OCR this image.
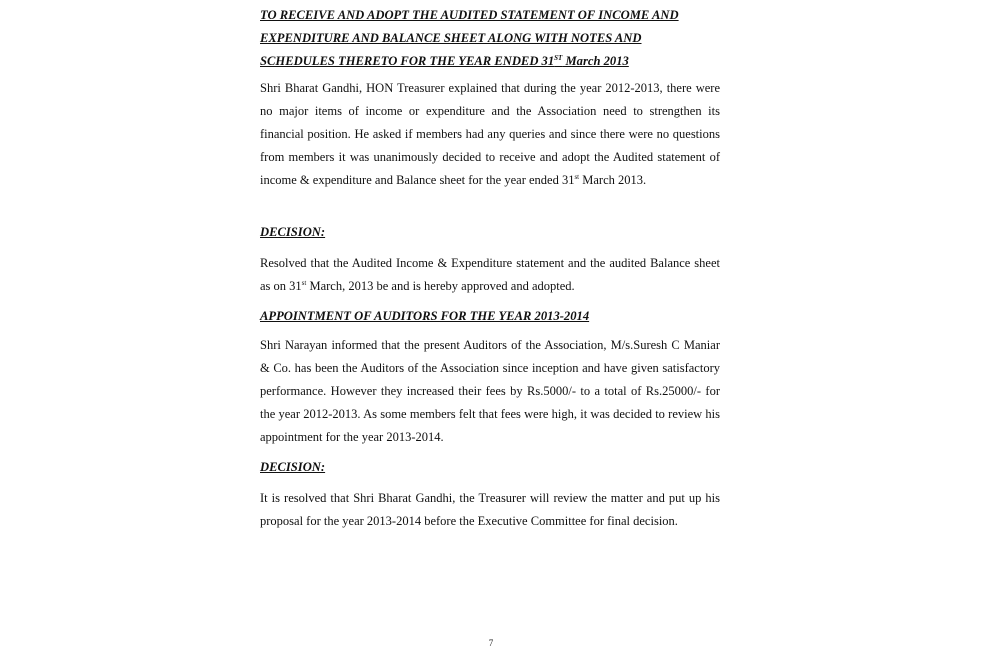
TO RECEIVE AND ADOPT THE AUDITED STATEMENT OF INCOME AND
EXPENDITURE AND BALANCE SHEET ALONG WITH NOTES AND
SCHEDULES THERETO FOR THE YEAR ENDED 31ST March 2013

Shri Bharat Gandhi, HON Treasurer explained that during the year 2012-2013, there were no major items of income or expenditure and the Association need to strengthen its financial position. He asked if members had any queries and since there were no questions from members it was unanimously decided to receive and adopt the Audited statement of income & expenditure and Balance sheet for the year ended 31st March 2013.

DECISION:

Resolved that the Audited Income & Expenditure statement and the audited Balance sheet as on 31st March, 2013 be and is hereby approved and adopted.

APPOINTMENT OF AUDITORS FOR THE YEAR 2013-2014

Shri Narayan informed that the present Auditors of the Association, M/s.Suresh C Maniar & Co. has been the Auditors of the Association since inception and have given satisfactory performance. However they increased their fees by Rs.5000/- to a total of Rs.25000/- for the year 2012-2013. As some members felt that fees were high, it was decided to review his appointment for the year 2013-2014.

DECISION:

It is resolved that Shri Bharat Gandhi, the Treasurer will review the matter and put up his proposal for the year 2013-2014 before the Executive Committee for final decision.

7
